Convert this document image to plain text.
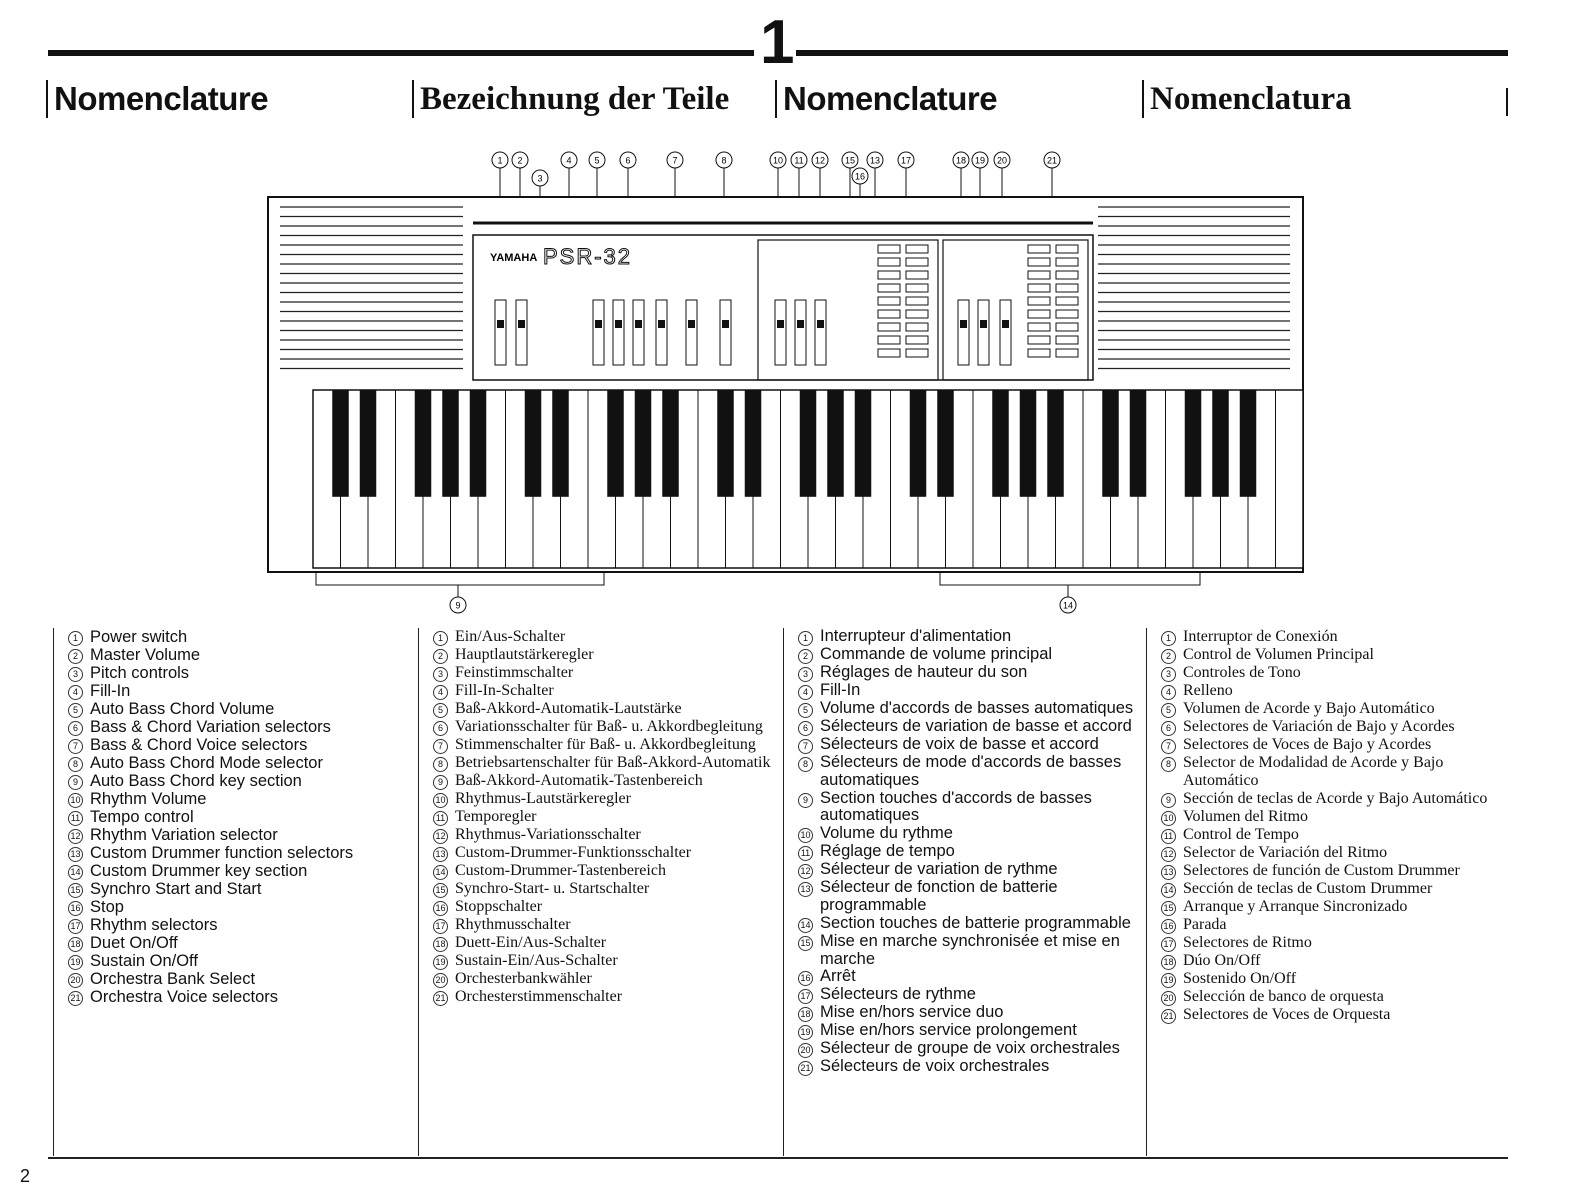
1
Nomenclature	Bezeichnung der Teile Nomenclature	Nomenclatura
1 2
3
4	5	6	7	8	10 11 12 15 13
16
17	18 19 20	21
YAMAHA PSR-32
9	14
1 Power switch
2 Master Volume
3 Pitch controls
4 Fill-In
5 Auto Bass Chord Volume
6 Bass & Chord Variation selectors
7 Bass & Chord Voice selectors
8 Auto Bass Chord Mode selector
9 Auto Bass Chord key section
10 Rhythm Volume
11 Tempo control
12 Rhythm Variation selector
13 Custom Drummer function selectors
14 Custom Drummer key section
15 Synchro Start and Start
16 Stop
17 Rhythm selectors
18 Duet On/Off
19 Sustain On/Off
20 Orchestra Bank Select
21 Orchestra Voice selectors
1 Ein/Aus-Schalter
2 Hauptlautstärkeregler
3 Feinstimmschalter
4 Fill-In-Schalter
5 Baß-Akkord-Automatik-Lautstärke
6 Variationsschalter für Baß- u. Akkordbegleitung
7 Stimmenschalter für Baß- u. Akkordbegleitung
8 Betriebsartenschalter für Baß-Akkord-Automatik
9 Baß-Akkord-Automatik-Tastenbereich
10 Rhythmus-Lautstärkeregler
11 Temporegler
12 Rhythmus-Variationsschalter
13 Custom-Drummer-Funktionsschalter
14 Custom-Drummer-Tastenbereich
15 Synchro-Start- u. Startschalter
16 Stoppschalter
17 Rhythmusschalter
18 Duett-Ein/Aus-Schalter
19 Sustain-Ein/Aus-Schalter
20 Orchesterbankwähler
21 Orchesterstimmenschalter
1 Interrupteur d'alimentation
2 Commande de volume principal
3 Réglages de hauteur du son
4 Fill-In
5 Volume d'accords de basses automatiques
6 Sélecteurs de variation de basse et accord
7 Sélecteurs de voix de basse et accord
8 Sélecteurs de mode d'accords de basses automatiques
9 Section touches d'accords de basses automatiques
10 Volume du rythme
11 Réglage de tempo
12 Sélecteur de variation de rythme
13 Sélecteur de fonction de batterie programmable
14 Section touches de batterie programmable
15 Mise en marche synchronisée et mise en marche
16 Arrêt
17 Sélecteurs de rythme
18 Mise en/hors service duo
19 Mise en/hors service prolongement
20 Sélecteur de groupe de voix orchestrales
21 Sélecteurs de voix orchestrales
1 Interruptor de Conexión
2 Control de Volumen Principal
3 Controles de Tono
4 Relleno
5 Volumen de Acorde y Bajo Automático
6 Selectores de Variación de Bajo y Acordes
7 Selectores de Voces de Bajo y Acordes
8 Selector de Modalidad de Acorde y Bajo Automático
9 Sección de teclas de Acorde y Bajo Automático
10 Volumen del Ritmo
11 Control de Tempo
12 Selector de Variación del Ritmo
13 Selectores de función de Custom Drummer
14 Sección de teclas de Custom Drummer
15 Arranque y Arranque Sincronizado
16 Parada
17 Selectores de Ritmo
18 Dúo On/Off
19 Sostenido On/Off
20 Selección de banco de orquesta
21 Selectores de Voces de Orquesta
2
